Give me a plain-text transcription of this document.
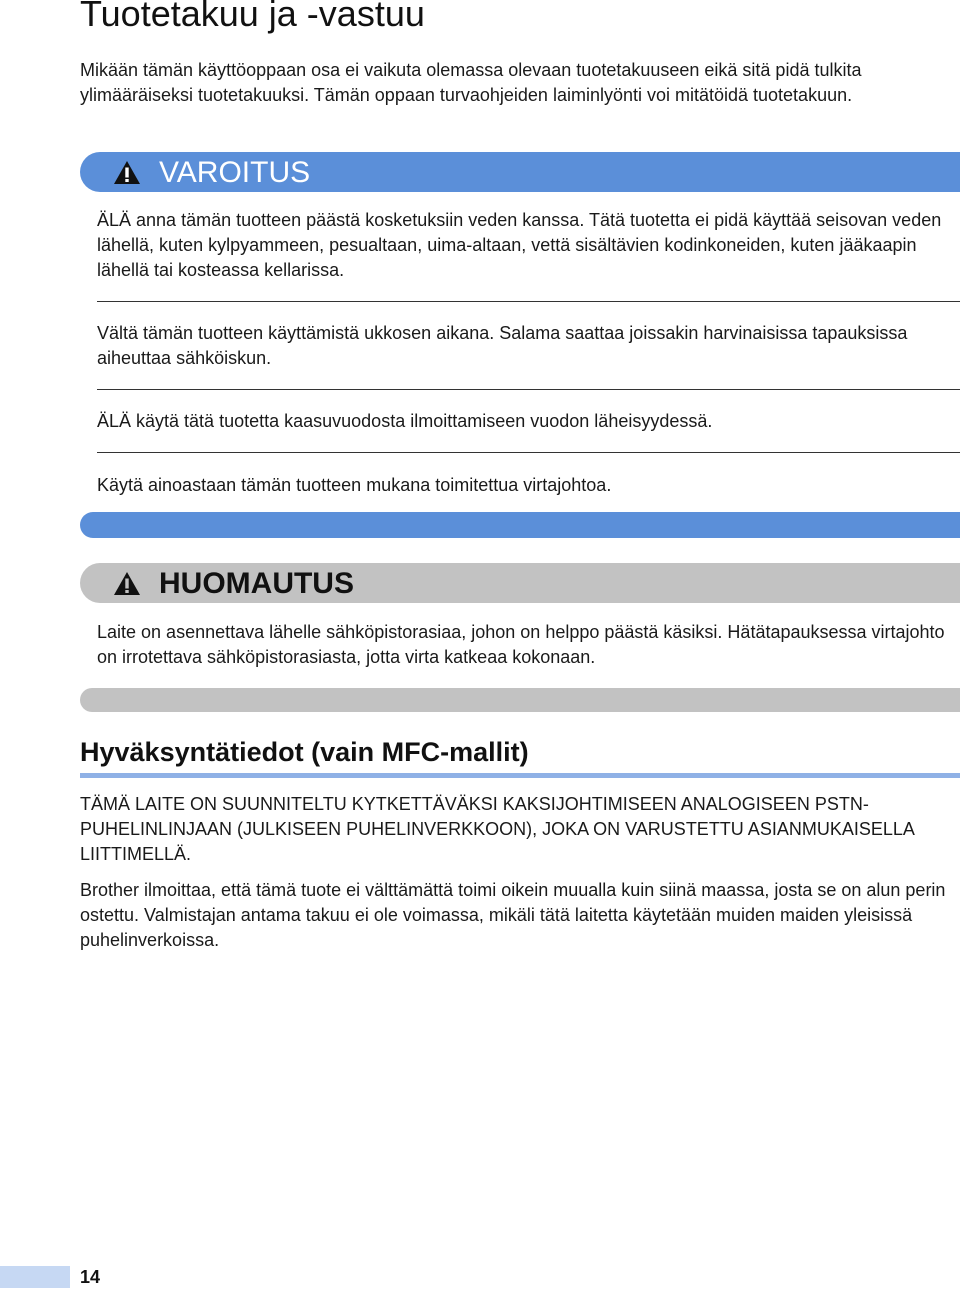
Tuotetakuu ja -vastuu

Mikään tämän käyttöoppaan osa ei vaikuta olemassa olevaan tuotetakuuseen eikä sitä pidä tulkita ylimääräiseksi tuotetakuuksi. Tämän oppaan turvaohjeiden laiminlyönti voi mitätöidä tuotetakuun.

VAROITUS

ÄLÄ anna tämän tuotteen päästä kosketuksiin veden kanssa. Tätä tuotetta ei pidä käyttää seisovan veden lähellä, kuten kylpyammeen, pesualtaan, uima-altaan, vettä sisältävien kodinkoneiden, kuten jääkaapin lähellä tai kosteassa kellarissa.

Vältä tämän tuotteen käyttämistä ukkosen aikana. Salama saattaa joissakin harvinaisissa tapauksissa aiheuttaa sähköiskun.

ÄLÄ käytä tätä tuotetta kaasuvuodosta ilmoittamiseen vuodon läheisyydessä.

Käytä ainoastaan tämän tuotteen mukana toimitettua virtajohtoa.

HUOMAUTUS

Laite on asennettava lähelle sähköpistorasiaa, johon on helppo päästä käsiksi. Hätätapauksessa virtajohto on irrotettava sähköpistorasiasta, jotta virta katkeaa kokonaan.

Hyväksyntätiedot (vain MFC-mallit)

TÄMÄ LAITE ON SUUNNITELTU KYTKETTÄVÄKSI KAKSIJOHTIMISEEN ANALOGISEEN PSTN-PUHELINLINJAAN (JULKISEEN PUHELINVERKKOON), JOKA ON VARUSTETTU ASIANMUKAISELLA LIITTIMELLÄ.

Brother ilmoittaa, että tämä tuote ei välttämättä toimi oikein muualla kuin siinä maassa, josta se on alun perin ostettu. Valmistajan antama takuu ei ole voimassa, mikäli tätä laitetta käytetään muiden maiden yleisissä puhelinverkoissa.

14
